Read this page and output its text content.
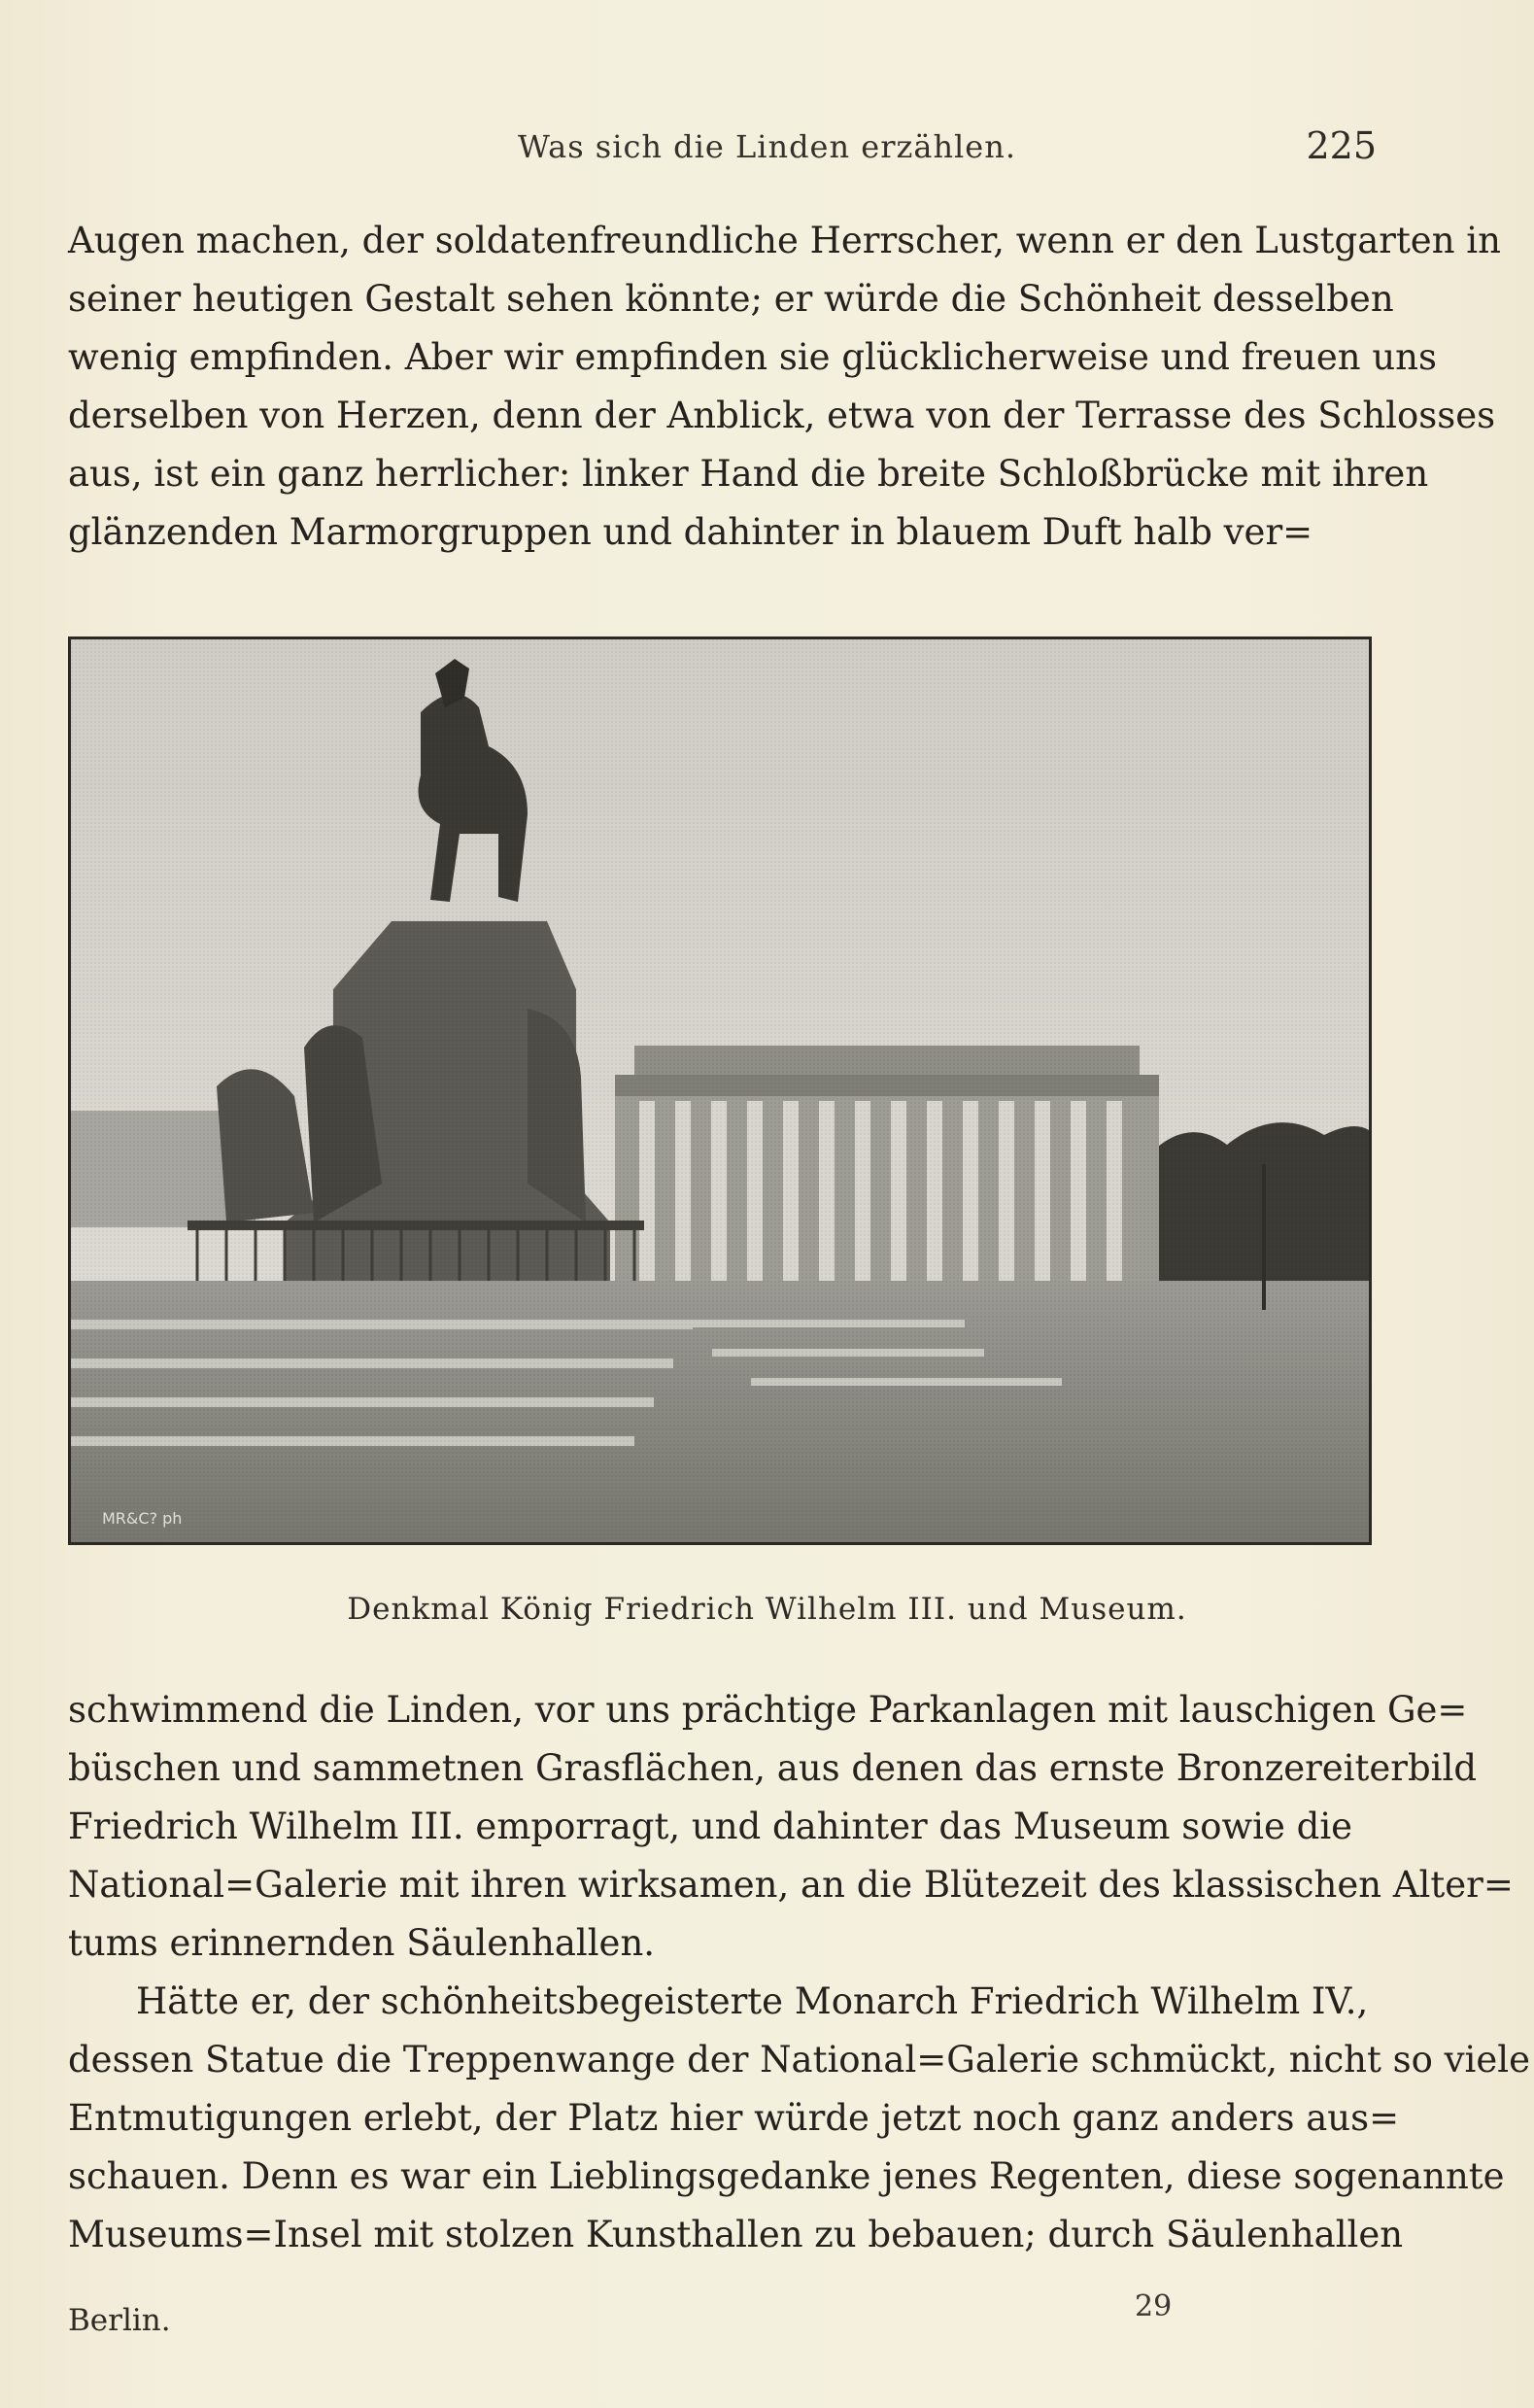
Was sich die Linden erzählen.	225
Augen machen, der soldatenfreundliche Herrscher, wenn er den Lustgarten in
seiner heutigen Gestalt sehen könnte; er würde die Schönheit desselben
wenig empfinden. Aber wir empfinden sie glücklicherweise und freuen uns
derselben von Herzen, denn der Anblick, etwa von der Terrasse des Schlosses
aus, ist ein ganz herrlicher: linker Hand die breite Schloßbrücke mit ihren
glänzenden Marmorgruppen und dahinter in blauem Duft halb ver=
MR&C? ph
Denkmal König Friedrich Wilhelm III. und Museum.
schwimmend die Linden, vor uns prächtige Parkanlagen mit lauschigen Ge=
büschen und sammetnen Grasflächen, aus denen das ernste Bronzereiterbild
Friedrich Wilhelm III. emporragt, und dahinter das Museum sowie die
National=Galerie mit ihren wirksamen, an die Blütezeit des klassischen Alter=
tums erinnernden Säulenhallen.
Hätte er, der schönheitsbegeisterte Monarch Friedrich Wilhelm IV.,
dessen Statue die Treppenwange der National=Galerie schmückt, nicht so viele
Entmutigungen erlebt, der Platz hier würde jetzt noch ganz anders aus=
schauen. Denn es war ein Lieblingsgedanke jenes Regenten, diese sogenannte
Museums=Insel mit stolzen Kunsthallen zu bebauen; durch Säulenhallen
Berlin.	29
